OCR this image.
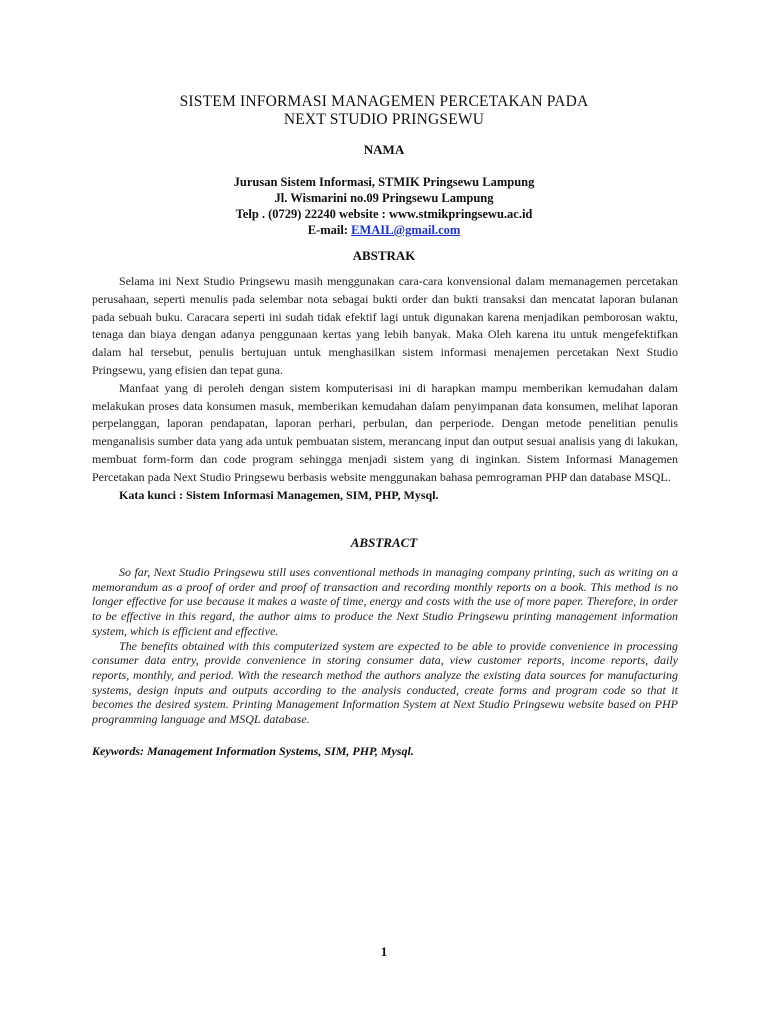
SISTEM INFORMASI MANAGEMEN PERCETAKAN PADA
NEXT STUDIO PRINGSEWU
NAMA
Jurusan Sistem Informasi, STMIK Pringsewu Lampung
Jl. Wismarini no.09 Pringsewu Lampung
Telp . (0729) 22240 website : www.stmikpringsewu.ac.id
E-mail: EMAIL@gmail.com
ABSTRAK

Selama ini Next Studio Pringsewu masih menggunakan cara-cara konvensional dalam memanagemen percetakan perusahaan, seperti menulis pada selembar nota sebagai bukti order dan bukti transaksi dan mencatat laporan bulanan pada sebuah buku. Caracara seperti ini sudah tidak efektif lagi untuk digunakan karena menjadikan pemborosan waktu, tenaga dan biaya dengan adanya penggunaan kertas yang lebih banyak. Maka Oleh karena itu untuk mengefektifkan dalam hal tersebut, penulis bertujuan untuk menghasilkan sistem informasi menajemen percetakan Next Studio Pringsewu, yang efisien dan tepat guna.

Manfaat yang di peroleh dengan sistem komputerisasi ini di harapkan mampu memberikan kemudahan dalam melakukan proses data konsumen masuk, memberikan kemudahan dalam penyimpanan data konsumen, melihat laporan perpelanggan, laporan pendapatan, laporan perhari, perbulan, dan perperiode. Dengan metode penelitian penulis menganalisis sumber data yang ada untuk pembuatan sistem, merancang input dan output sesuai analisis yang di lakukan, membuat form-form dan code program sehingga menjadi sistem yang di inginkan. Sistem Informasi Managemen Percetakan pada Next Studio Pringsewu berbasis website menggunakan bahasa pemrograman PHP dan database MSQL.

Kata kunci : Sistem Informasi Managemen, SIM, PHP, Mysql.

ABSTRACT

So far, Next Studio Pringsewu still uses conventional methods in managing company printing, such as writing on a memorandum as a proof of order and proof of transaction and recording monthly reports on a book. This method is no longer effective for use because it makes a waste of time, energy and costs with the use of more paper. Therefore, in order to be effective in this regard, the author aims to produce the Next Studio Pringsewu printing management information system, which is efficient and effective.

The benefits obtained with this computerized system are expected to be able to provide convenience in processing consumer data entry, provide convenience in storing consumer data, view customer reports, income reports, daily reports, monthly, and period. With the research method the authors analyze the existing data sources for manufacturing systems, design inputs and outputs according to the analysis conducted, create forms and program code so that it becomes the desired system. Printing Management Information System at Next Studio Pringsewu website based on PHP programming language and MSQL database.

Keywords: Management Information Systems, SIM, PHP, Mysql.
1
